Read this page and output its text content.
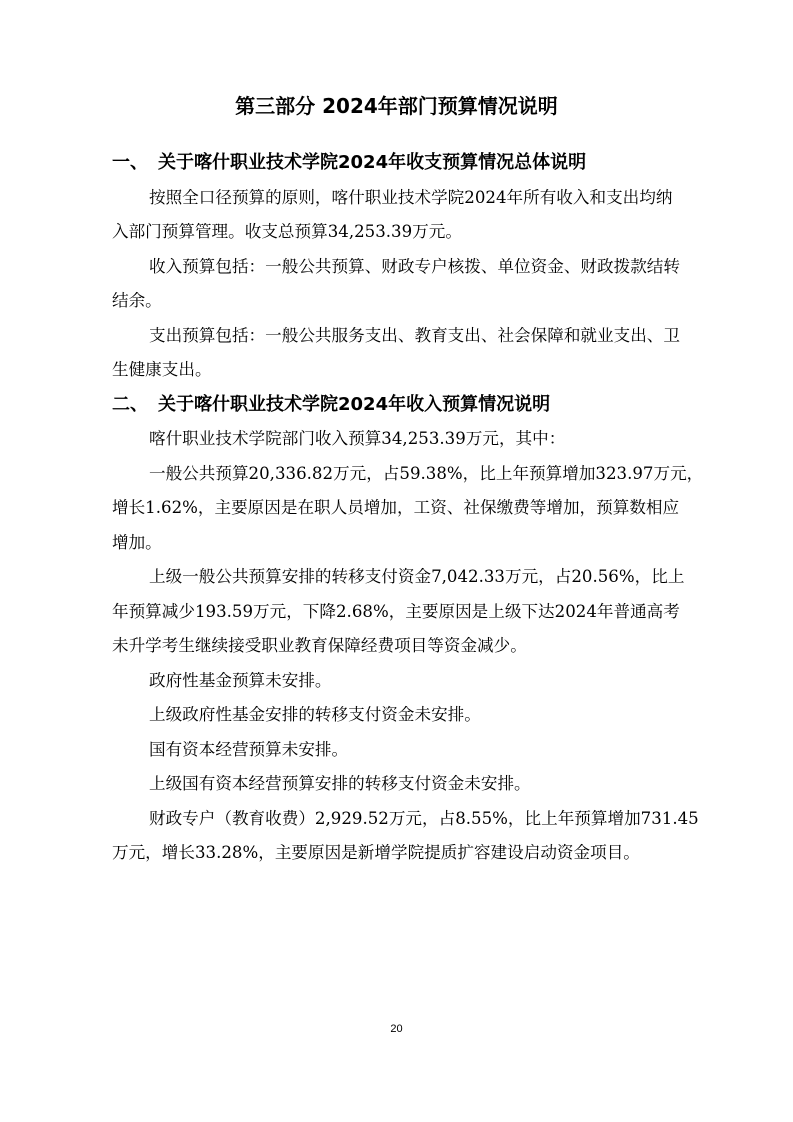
第三部分 2024年部门预算情况说明
一、 关于喀什职业技术学院2024年收支预算情况总体说明
按照全口径预算的原则，喀什职业技术学院2024年所有收入和支出均纳
入部门预算管理。收支总预算34,253.39万元。
收入预算包括：一般公共预算、财政专户核拨、单位资金、财政拨款结转
结余。
支出预算包括：一般公共服务支出、教育支出、社会保障和就业支出、卫
生健康支出。
二、 关于喀什职业技术学院2024年收入预算情况说明
喀什职业技术学院部门收入预算34,253.39万元，其中：
一般公共预算20,336.82万元，占59.38%，比上年预算增加323.97万元，
增长1.62%，主要原因是在职人员增加，工资、社保缴费等增加，预算数相应
增加。
上级一般公共预算安排的转移支付资金7,042.33万元，占20.56%，比上
年预算减少193.59万元，下降2.68%，主要原因是上级下达2024年普通高考
未升学考生继续接受职业教育保障经费项目等资金减少。
政府性基金预算未安排。
上级政府性基金安排的转移支付资金未安排。
国有资本经营预算未安排。
上级国有资本经营预算安排的转移支付资金未安排。
财政专户（教育收费）2,929.52万元，占8.55%，比上年预算增加731.45
万元，增长33.28%，主要原因是新增学院提质扩容建设启动资金项目。
20
